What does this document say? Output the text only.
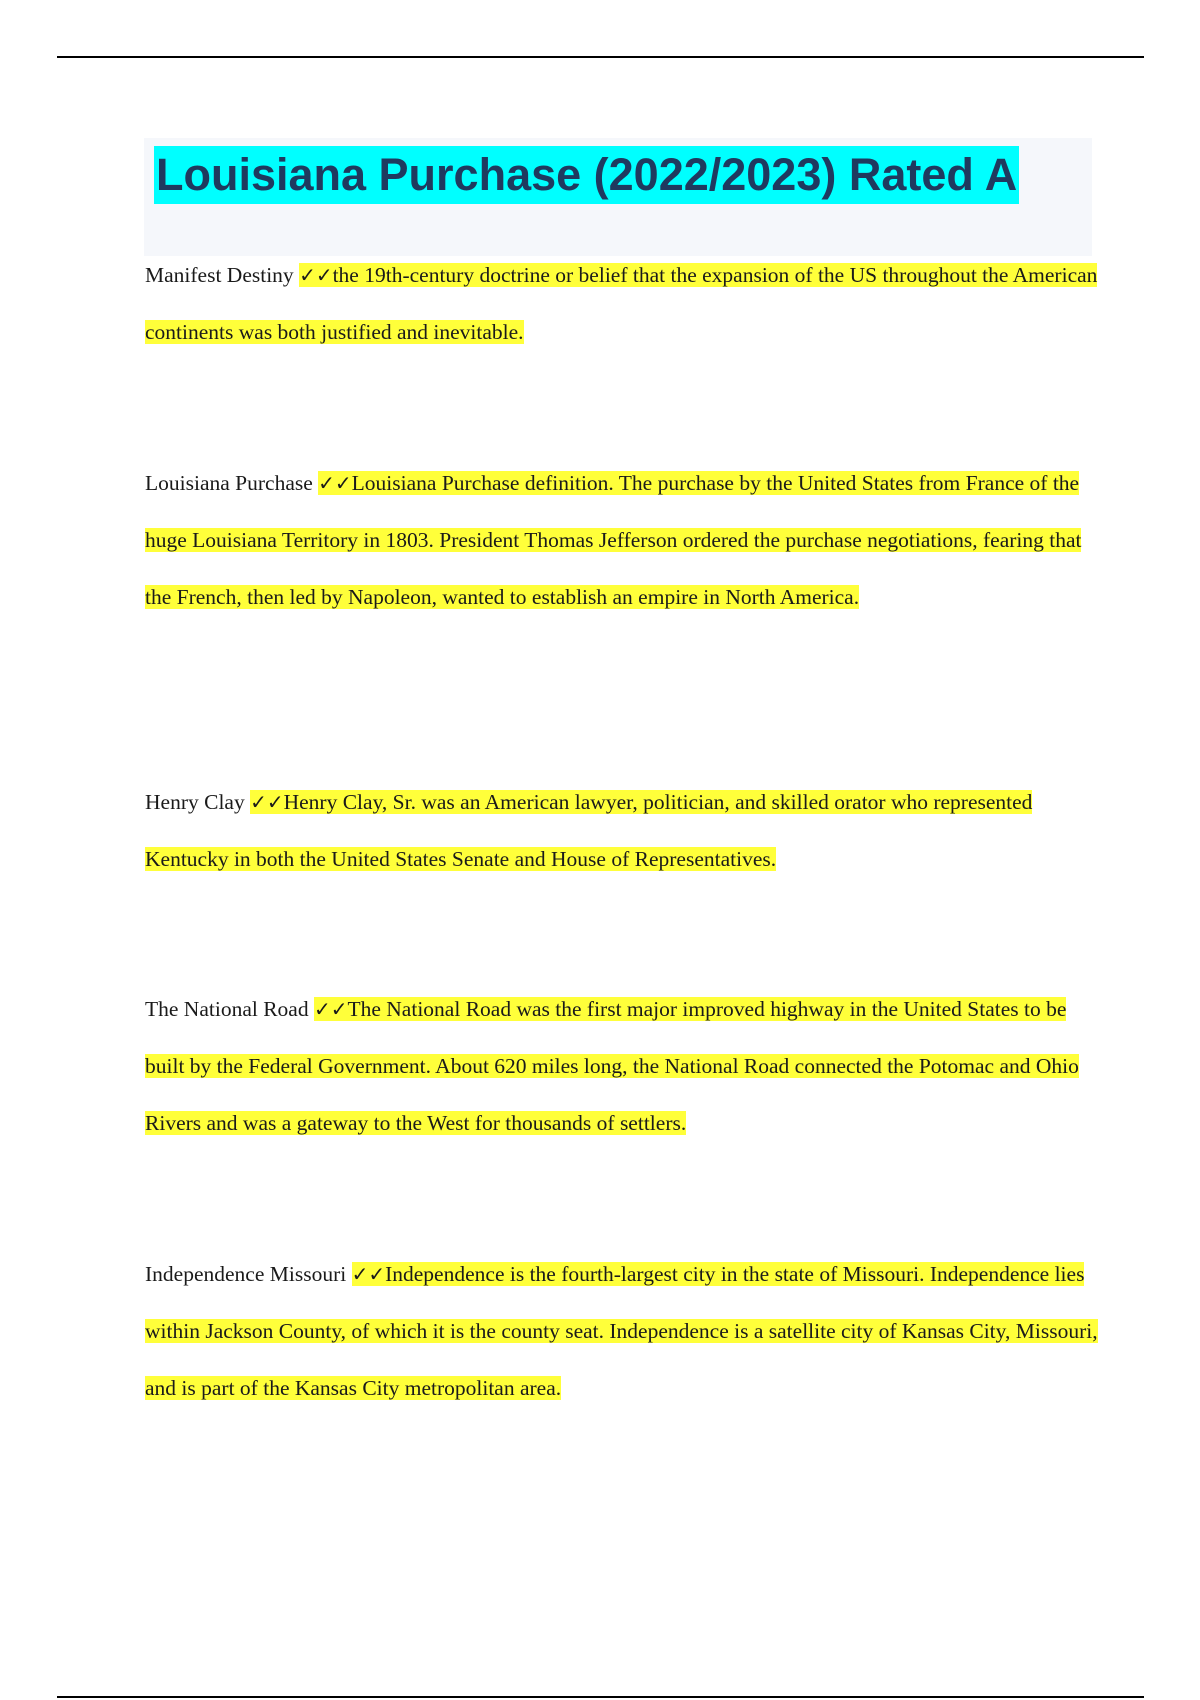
Louisiana Purchase (2022/2023) Rated A

Manifest Destiny ✓✓the 19th-century doctrine or belief that the expansion of the US throughout the American continents was both justified and inevitable.

Louisiana Purchase ✓✓Louisiana Purchase definition. The purchase by the United States from France of the huge Louisiana Territory in 1803. President Thomas Jefferson ordered the purchase negotiations, fearing that the French, then led by Napoleon, wanted to establish an empire in North America.

Henry Clay ✓✓Henry Clay, Sr. was an American lawyer, politician, and skilled orator who represented Kentucky in both the United States Senate and House of Representatives.

The National Road ✓✓The National Road was the first major improved highway in the United States to be built by the Federal Government. About 620 miles long, the National Road connected the Potomac and Ohio Rivers and was a gateway to the West for thousands of settlers.

Independence Missouri ✓✓Independence is the fourth-largest city in the state of Missouri. Independence lies within Jackson County, of which it is the county seat. Independence is a satellite city of Kansas City, Missouri, and is part of the Kansas City metropolitan area.
